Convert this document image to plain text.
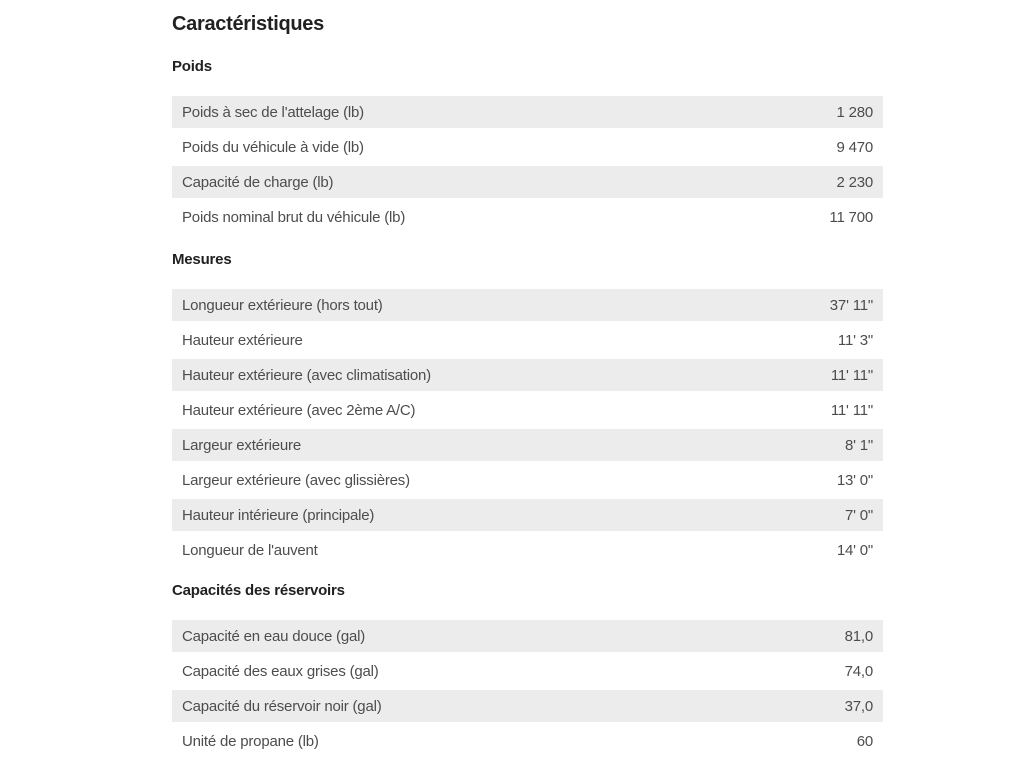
Caractéristiques
Poids
Poids à sec de l'attelage (lb)	1 280
Poids du véhicule à vide (lb)	9 470
Capacité de charge (lb)	2 230
Poids nominal brut du véhicule (lb)	11 700
Mesures
Longueur extérieure (hors tout)	37' 11"
Hauteur extérieure	11' 3"
Hauteur extérieure (avec climatisation)	11' 11"
Hauteur extérieure (avec 2ème A/C)	11' 11"
Largeur extérieure	8' 1"
Largeur extérieure (avec glissières)	13' 0"
Hauteur intérieure (principale)	7' 0"
Longueur de l'auvent	14' 0"
Capacités des réservoirs
Capacité en eau douce (gal)	81,0
Capacité des eaux grises (gal)	74,0
Capacité du réservoir noir (gal)	37,0
Unité de propane (lb)	60
